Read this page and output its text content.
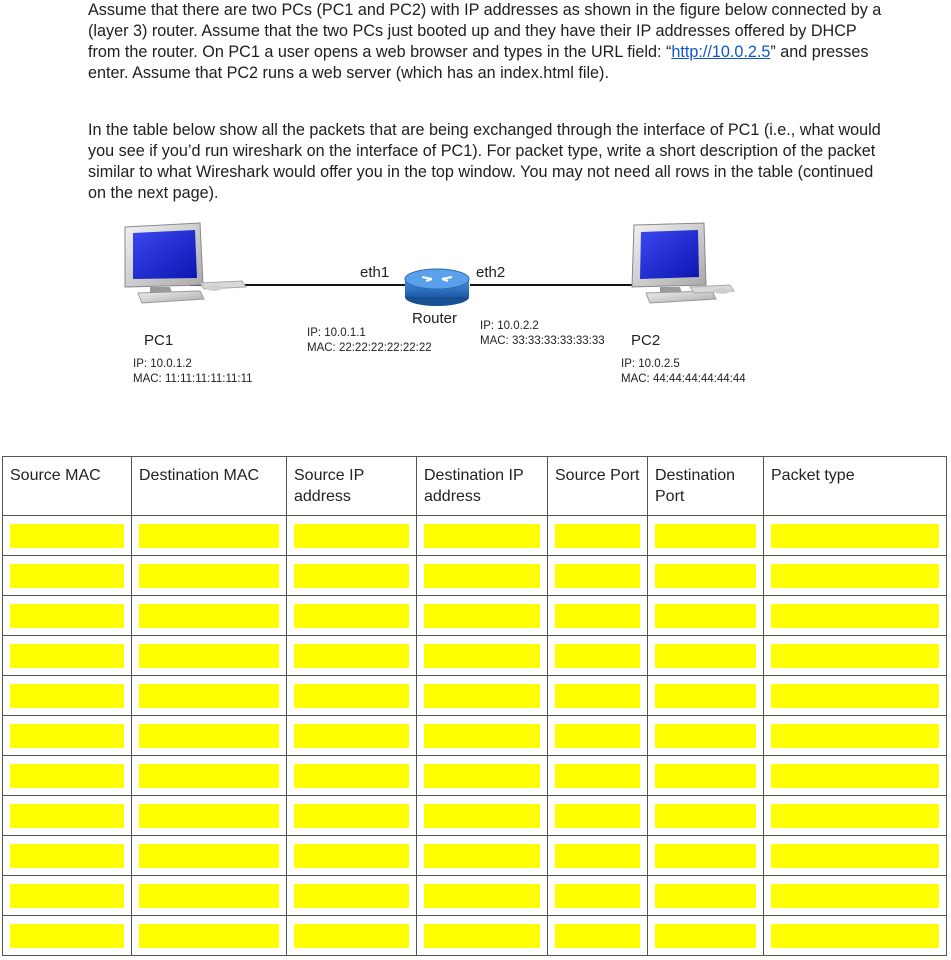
Assume that there are two PCs (PC1 and PC2) with IP addresses as shown in the figure below connected by a (layer 3) router. Assume that the two PCs just booted up and they have their IP addresses offered by DHCP from the router. On PC1 a user opens a web browser and types in the URL field: “http://10.0.2.5” and presses enter. Assume that PC2 runs a web server (which has an index.html file).
In the table below show all the packets that are being exchanged through the interface of PC1 (i.e., what would you see if you’d run wireshark on the interface of PC1). For packet type, write a short description of the packet similar to what Wireshark would offer you in the top window. You may not need all rows in the table (continued on the next page).
eth1	eth2
Router
PC1
IP: 10.0.1.2
MAC: 11:11:11:11:11:11
IP: 10.0.1.1
MAC: 22:22:22:22:22:22
IP: 10.0.2.2
MAC: 33:33:33:33:33:33 PC2
IP: 10.0.2.5
MAC: 44:44:44:44:44:44
Source MAC	Destination MAC	Source IP address	Destination IP address	Source Port	Destination Port	Packet type
